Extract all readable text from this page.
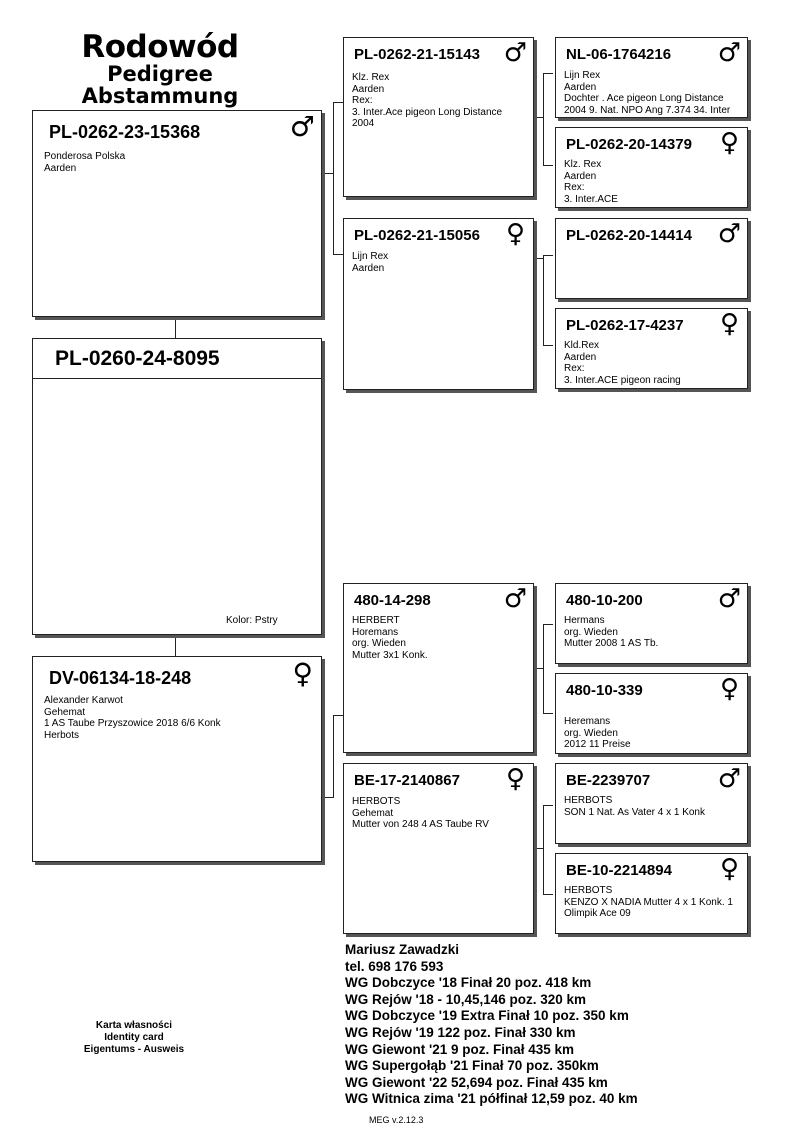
Rodowód
Pedigree
Abstammung
PL-0262-23-15368	♂
Ponderosa Polska
Aarden
PL-0260-24-8095
Kolor: Pstry
DV-06134-18-248	♀
Alexander Karwot
Gehemat
1 AS Taube Przyszowice 2018 6/6 Konk
Herbots
PL-0262-21-15143 ♂
Klz. Rex
Aarden
Rex:
3. Inter.Ace pigeon Long Distance
2004
PL-0262-21-15056 ♀
Lijn Rex
Aarden
480-14-298	♂
HERBERT
Horemans
org. Wieden
Mutter 3x1 Konk.
BE-17-2140867 ♀
HERBOTS
Gehemat
Mutter von 248 4 AS Taube RV
NL-06-1764216 ♂
Lijn Rex
Aarden
Dochter . Ace pigeon Long Distance
2004 9. Nat. NPO Ang 7.374 34. Inter
PL-0262-20-14379 ♀
Klz. Rex
Aarden
Rex:
3. Inter.ACE
PL-0262-20-14414 ♂
PL-0262-17-4237 ♀
Kld.Rex
Aarden
Rex:
3. Inter.ACE pigeon racing
480-10-200	♂
Hermans
org. Wieden
Mutter 2008 1 AS Tb.
480-10-339	♀
Heremans
org. Wieden
2012 11 Preise
BE-2239707	♂
HERBOTS
SON 1 Nat. As Vater 4 x 1 Konk
BE-10-2214894 ♀
HERBOTS
KENZO X NADIA Mutter 4 x 1 Konk. 1
Olimpik Ace 09
Mariusz Zawadzki
tel. 698 176 593
WG Dobczyce '18 Finał 20 poz. 418 km
WG Rejów '18 - 10,45,146 poz. 320 km
WG Dobczyce '19 Extra Finał 10 poz. 350 km
WG Rejów '19 122 poz. Finał 330 km
WG Giewont '21 9 poz. Finał 435 km
WG Supergołąb '21 Finał 70 poz. 350km
WG Giewont '22 52,694 poz. Finał 435 km
WG Witnica zima '21 półfinał 12,59 poz. 40 km
MEG v.2.12.3
Karta własności
Identity card
Eigentums - Ausweis
